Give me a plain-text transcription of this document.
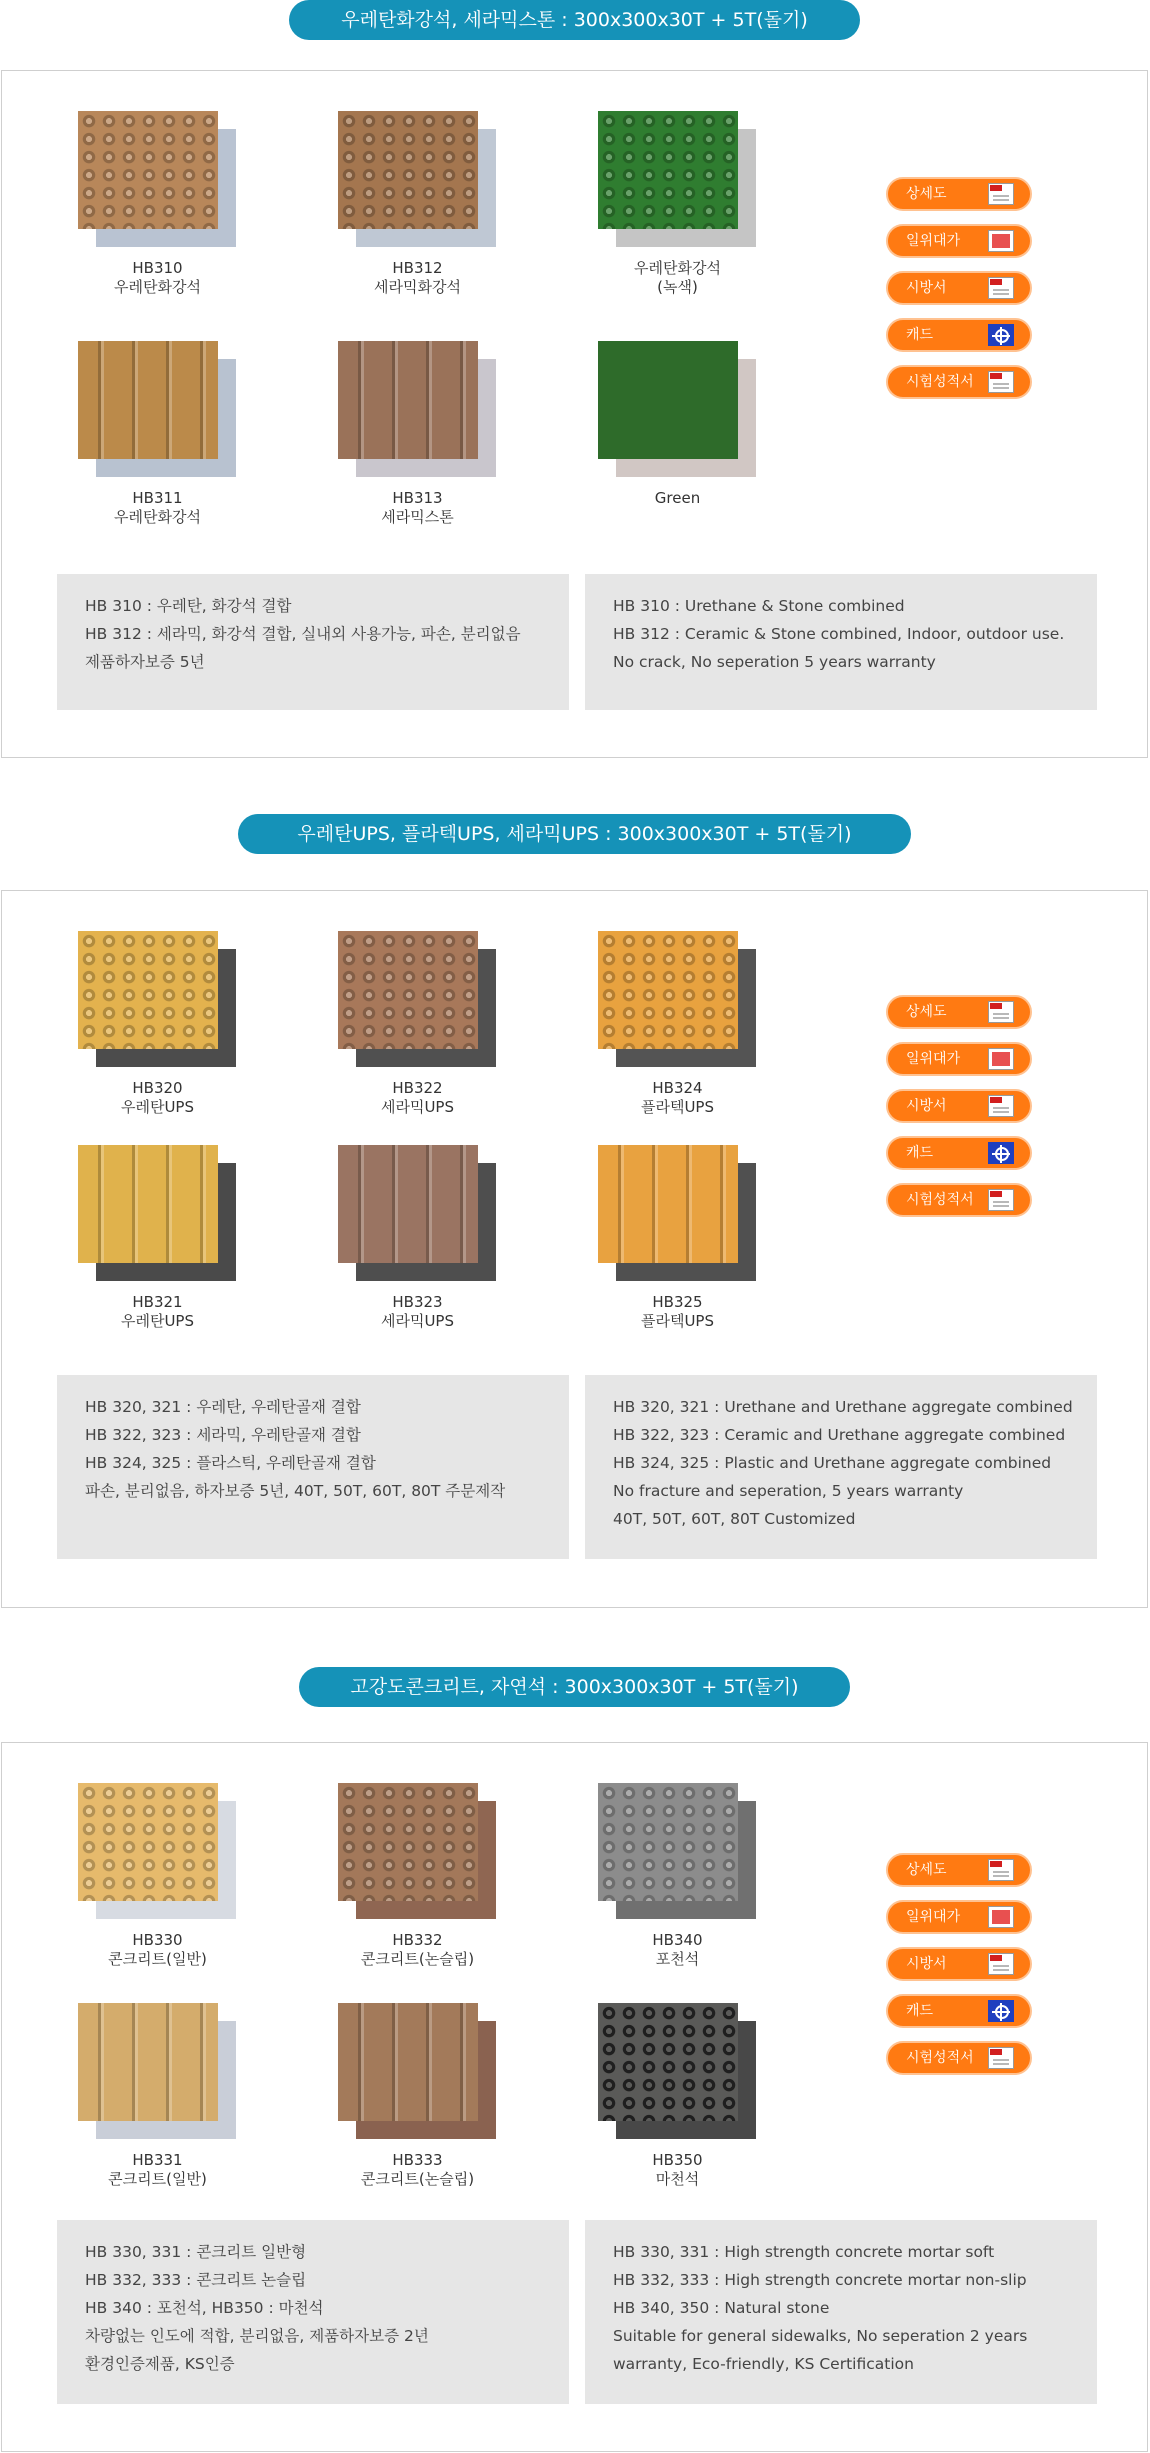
우레탄화강석, 세라믹스톤 : 300x300x30T + 5T(돌기)
HB310
우레탄화강석
HB312
세라믹화강석
우레탄화강석
(녹색)
HB311
우레탄화강석
HB313
세라믹스톤
Green
상세도
일위대가
시방서
캐드
시험성적서
HB 310 : 우레탄, 화강석 결합
HB 312 : 세라믹, 화강석 결합, 실내외 사용가능, 파손, 분리없음
제품하자보증 5년
HB 310 : Urethane & Stone combined
HB 312 : Ceramic & Stone combined, Indoor, outdoor use.
No crack, No seperation 5 years warranty
우레탄UPS, 플라텍UPS, 세라믹UPS : 300x300x30T + 5T(돌기)
HB320
우레탄UPS
HB322
세라믹UPS
HB324
플라텍UPS
HB321
우레탄UPS
HB323
세라믹UPS
HB325
플라텍UPS
상세도
일위대가
시방서
캐드
시험성적서
HB 320, 321 : 우레탄, 우레탄골재 결합
HB 322, 323 : 세라믹, 우레탄골재 결합
HB 324, 325 : 플라스틱, 우레탄골재 결합
파손, 분리없음, 하자보증 5년, 40T, 50T, 60T, 80T 주문제작
HB 320, 321 : Urethane and Urethane aggregate combined
HB 322, 323 : Ceramic and Urethane aggregate combined
HB 324, 325 : Plastic and Urethane aggregate combined
No fracture and seperation, 5 years warranty
40T, 50T, 60T, 80T Customized
고강도콘크리트, 자연석 : 300x300x30T + 5T(돌기)
HB330
콘크리트(일반)
HB332
콘크리트(논슬립)
HB340
포천석
HB331
콘크리트(일반)
HB333
콘크리트(논슬립)
HB350
마천석
상세도
일위대가
시방서
캐드
시험성적서
HB 330, 331 : 콘크리트 일반형
HB 332, 333 : 콘크리트 논슬립
HB 340 : 포천석, HB350 : 마천석
차량없는 인도에 적합, 분리없음, 제품하자보증 2년
환경인증제품, KS인증
HB 330, 331 : High strength concrete mortar soft
HB 332, 333 : High strength concrete mortar non-slip
HB 340, 350 : Natural stone
Suitable for general sidewalks, No seperation 2 years
warranty, Eco-friendly, KS Certification
